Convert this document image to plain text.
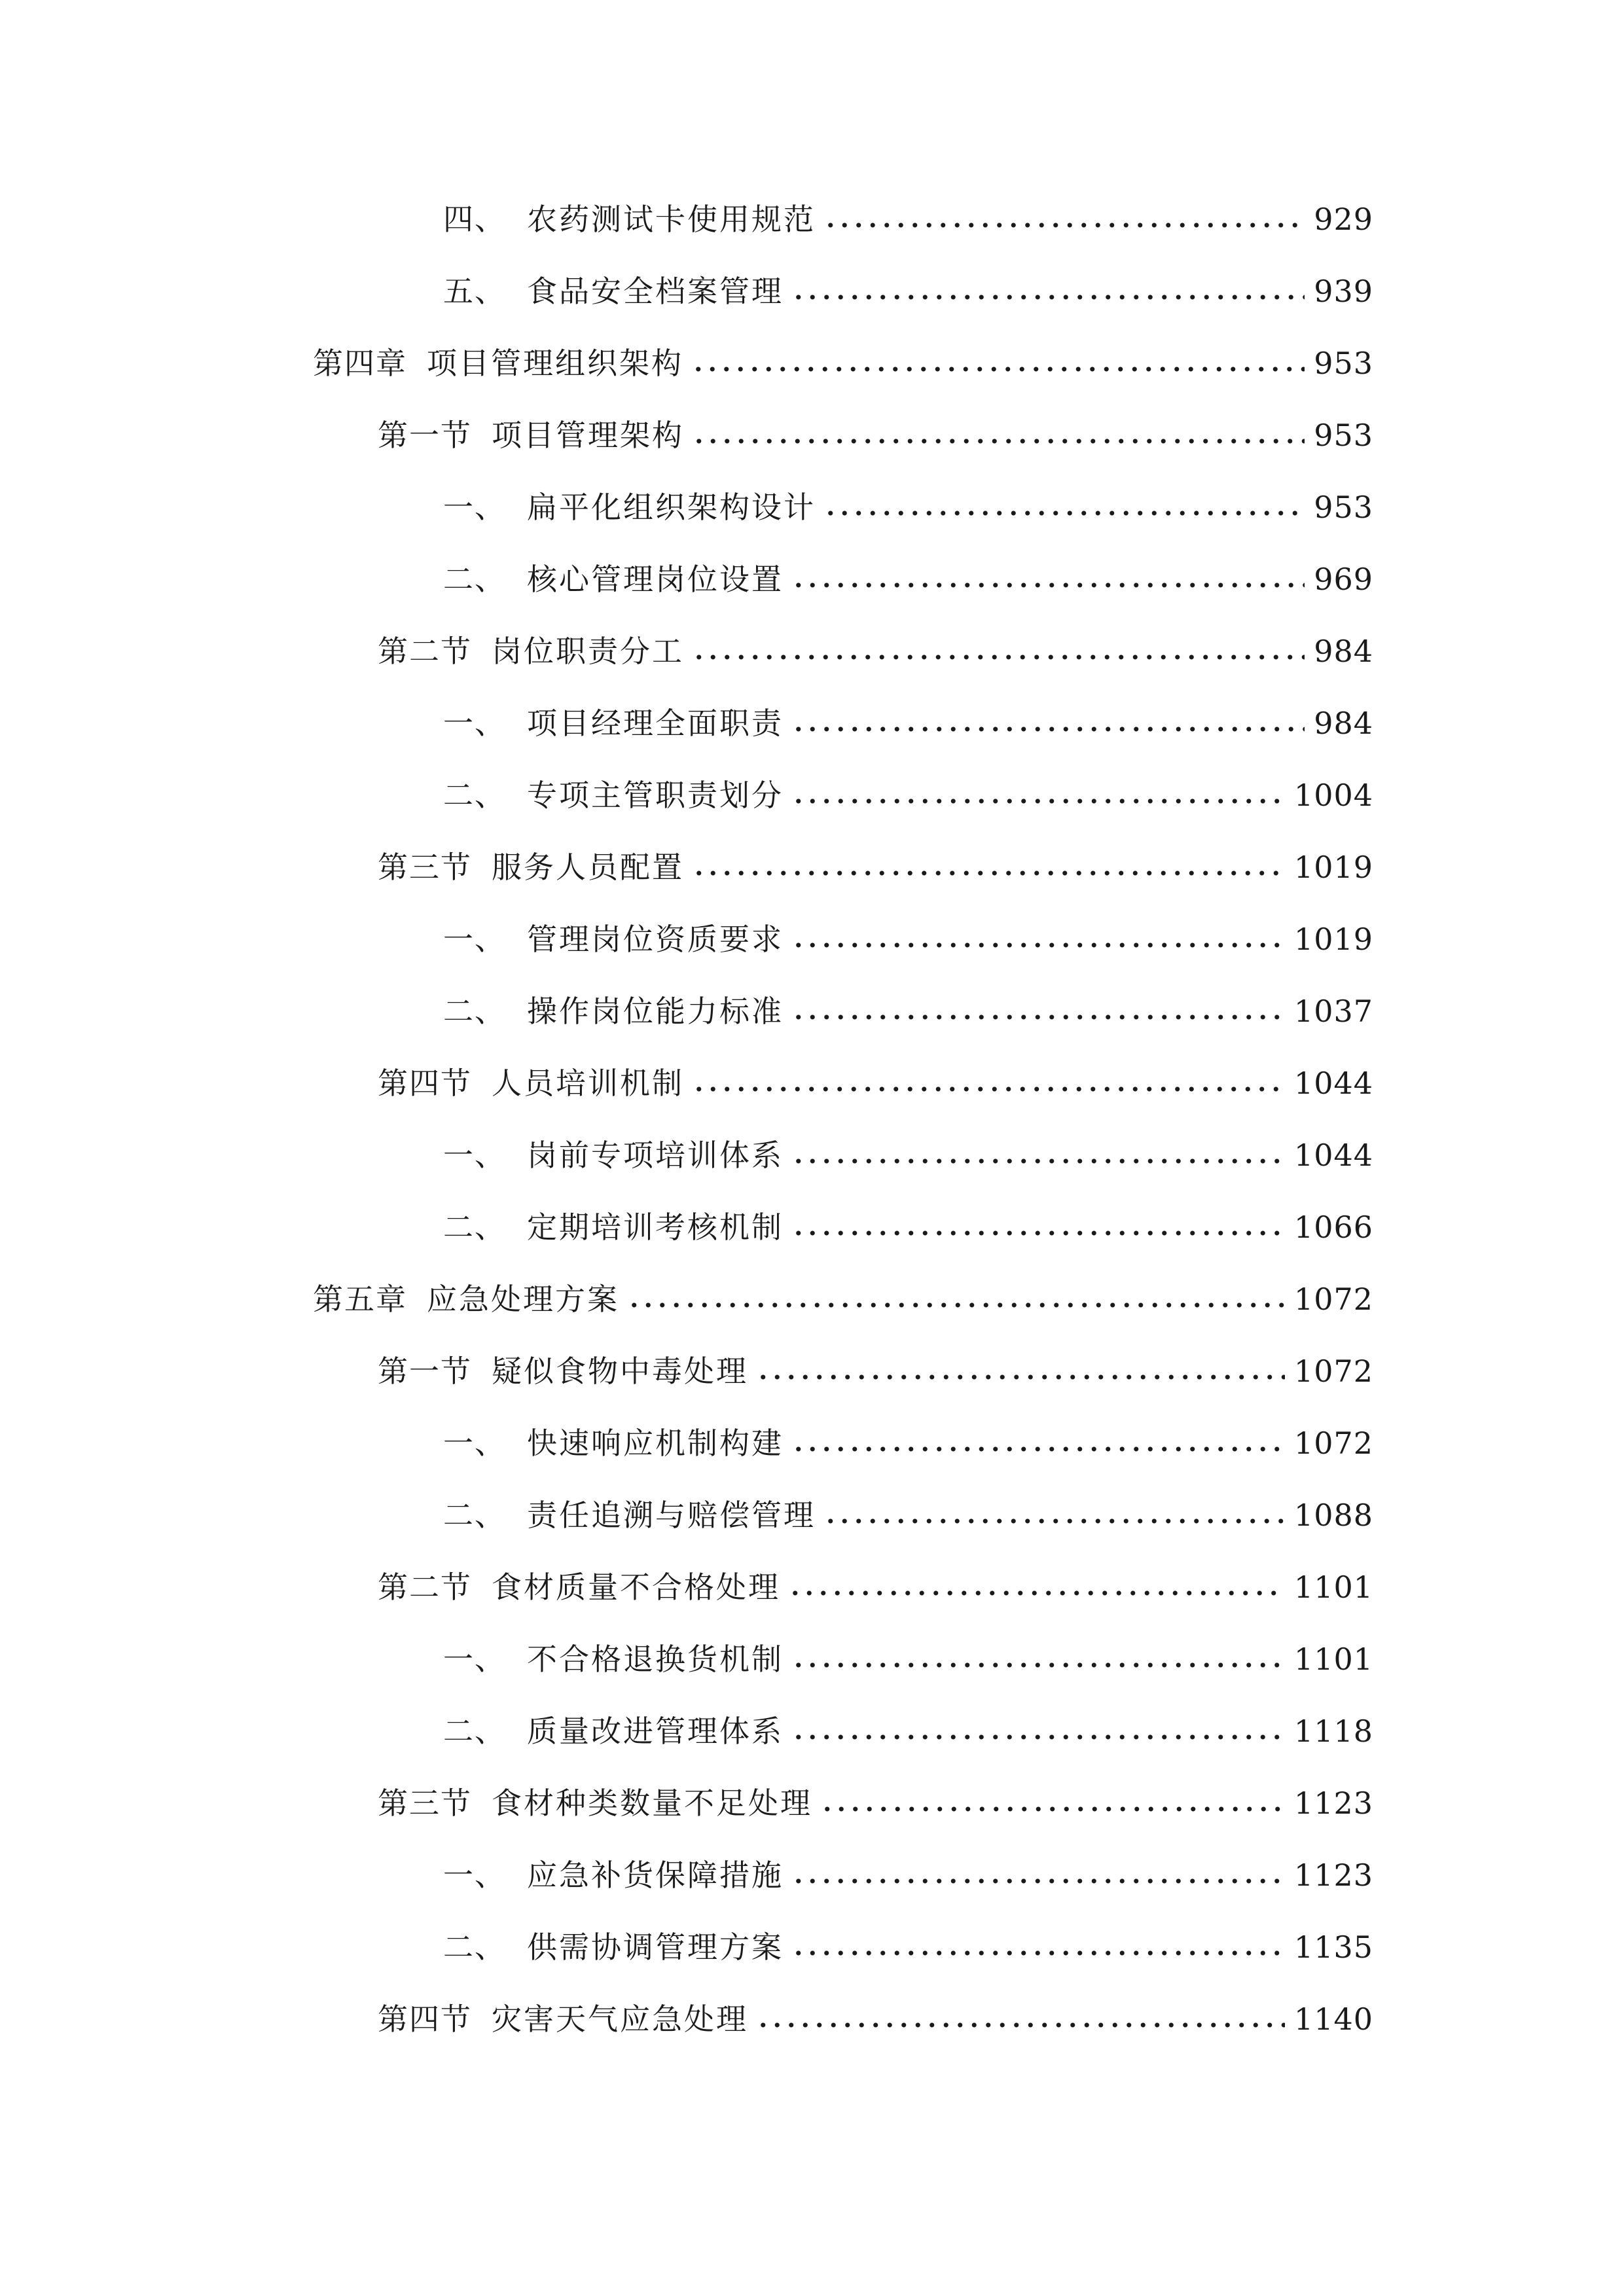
四、 农药测试卡使用规范	929
五、 食品安全档案管理	939
第四章 项目管理组织架构	953
第一节 项目管理架构	953
一、 扁平化组织架构设计	953
二、 核心管理岗位设置	969
第二节 岗位职责分工	984
一、 项目经理全面职责	984
二、 专项主管职责划分	1004
第三节 服务人员配置	1019
一、 管理岗位资质要求	1019
二、 操作岗位能力标准	1037
第四节 人员培训机制	1044
一、 岗前专项培训体系	1044
二、 定期培训考核机制	1066
第五章 应急处理方案	1072
第一节 疑似食物中毒处理	1072
一、 快速响应机制构建	1072
二、 责任追溯与赔偿管理	1088
第二节 食材质量不合格处理	1101
一、 不合格退换货机制	1101
二、 质量改进管理体系	1118
第三节 食材种类数量不足处理	1123
一、 应急补货保障措施	1123
二、 供需协调管理方案	1135
第四节 灾害天气应急处理	1140
